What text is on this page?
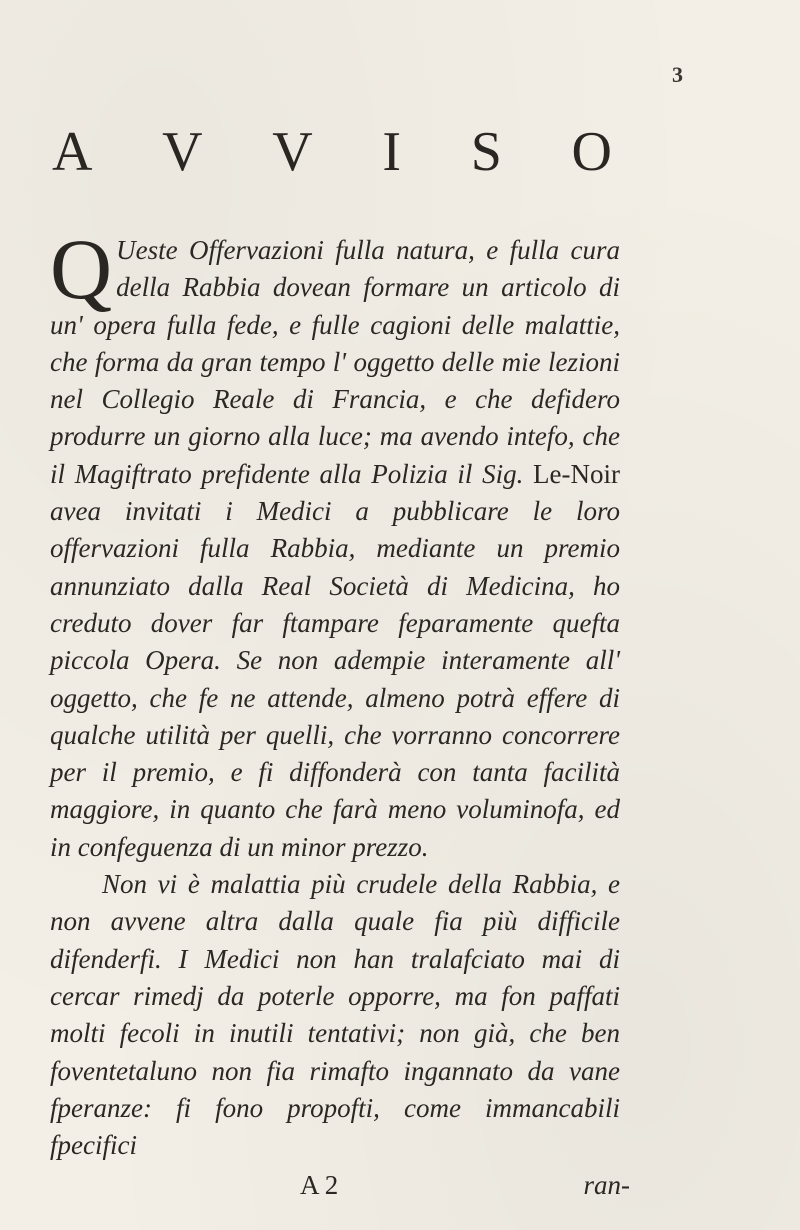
3
A V V I S O

Q Ueste Offervazioni fulla natura, e fulla cura della Rabbia dovean formare un articolo di un' opera fulla fede, e fulle cagioni delle malattie, che forma da gran tempo l' oggetto delle mie lezioni nel Collegio Reale di Francia, e che defidero produrre un giorno alla luce; ma avendo intefo, che il Magiftrato prefidente alla Polizia il Sig. Le-Noir avea invitati i Medici a pubblicare le loro offervazioni fulla Rabbia, mediante un premio annunziato dalla Real Società di Medicina, ho creduto dover far ftampare feparamente quefta piccola Opera. Se non adempie interamente all' oggetto, che fe ne attende, almeno potrà effere di qualche utilità per quelli, che vorranno concorrere per il premio, e fi diffonderà con tanta facilità maggiore, in quanto che farà meno voluminofa, ed in confeguenza di un minor prezzo.

Non vi è malattia più crudele della Rabbia, e non avvene altra dalla quale fia più difficile difenderfi. I Medici non han tralafciato mai di cercar rimedj da poterle opporre, ma fon paffati molti fecoli in inutili tentativi; non già, che ben foventetaluno non fia rimafto ingannato da vane fperanze: fi fono propofti, come immancabili fpecifici

A 2	ran-
